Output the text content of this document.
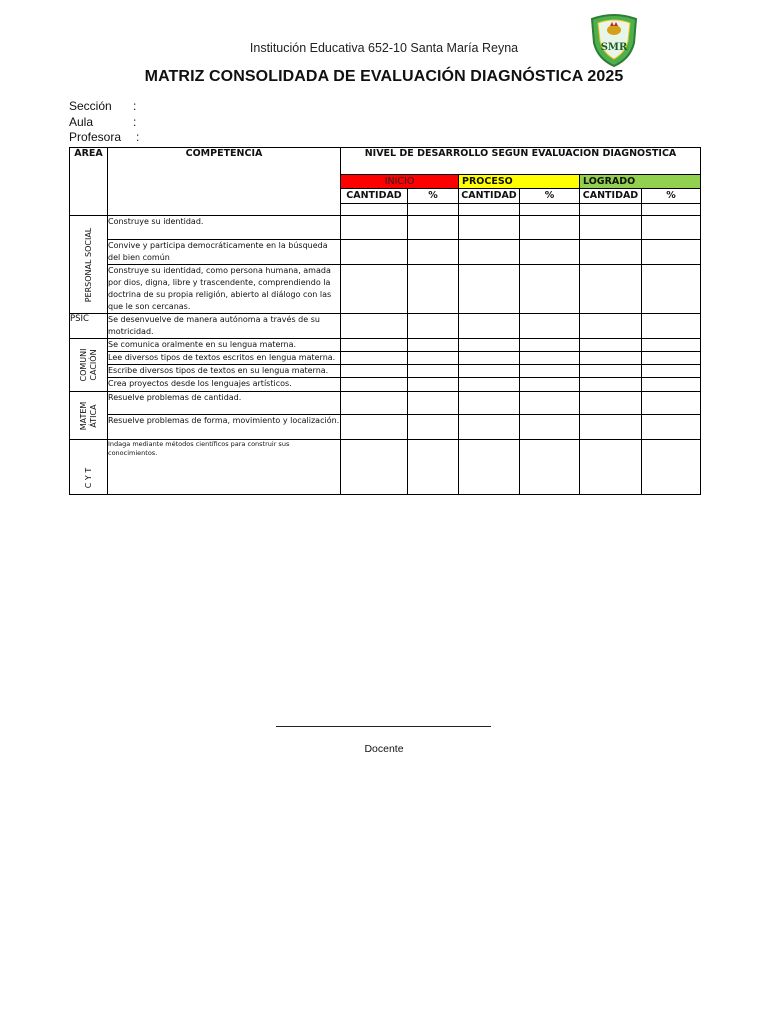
Institución Educativa 652-10 Santa María Reyna	SMR
MATRIZ CONSOLIDADA DE EVALUACIÓN DIAGNÓSTICA 2025
Sección :
Aula	:
Profesora :
ÁREA	COMPETENCIA	NIVEL DE DESARROLLO SEGÚN EVALUACIÓN DIAGNÓSTICA					
		INICIO		PROCESO		LOGRADO	
		CANTIDAD	%	CANTIDAD	%	CANTIDAD	%

PERSONAL SOCIAL	Construye su identidad.						
	Convive y participa democráticamente en la búsqueda del bien común						
	Construye su identidad, como persona humana, amada por dios, digna, libre y trascendente, comprendiendo la doctrina de su propia religión, abierto al diálogo con las que le son cercanas.						
PSIC	Se desenvuelve de manera autónoma a través de su motricidad.						

COMUNI
CACIÓN	Se comunica oralmente en su lengua materna.						
	Lee diversos tipos de textos escritos en lengua materna.						
	Escribe diversos tipos de textos en su lengua materna.						
	Crea proyectos desde los lenguajes artísticos.						

MATEM
ÁTICA	Resuelve problemas de cantidad.						
	Resuelve problemas de forma, movimiento y localización.						

C Y T	Indaga mediante métodos científicos para construir sus conocimientos.						
Docente
